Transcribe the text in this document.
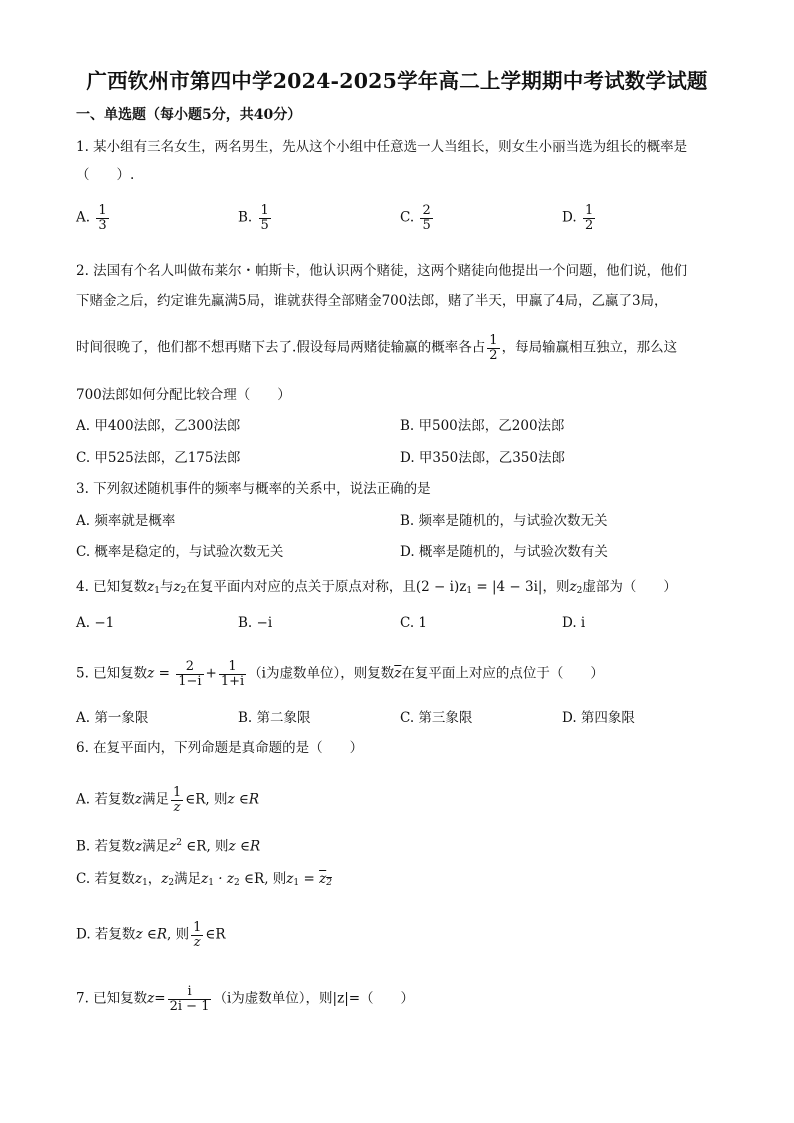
广西钦州市第四中学2024-2025学年高二上学期期中考试数学试题
一、单选题（每小题5分，共40分）
1. 某小组有三名女生，两名男生，先从这个小组中任意选一人当组长，则女生小丽当选为组长的概率是
（　　）.
A. $\frac{1}{3}$	B. $\frac{1}{5}$	C. $\frac{2}{5}$	D. $\frac{1}{2}$
2. 法国有个名人叫做布莱尔・帕斯卡，他认识两个赌徒，这两个赌徒向他提出一个问题，他们说，他们
下赌金之后，约定谁先赢满5局，谁就获得全部赌金700法郎，赌了半天，甲赢了4局，乙赢了3局，
时间很晚了，他们都不想再赌下去了.假设每局两赌徒输赢的概率各占 $\frac{1}{2}$ ，每局输赢相互独立，那么这
700法郎如何分配比较合理（　　）
A. 甲400法郎，乙300法郎	B. 甲500法郎，乙200法郎
C. 甲525法郎，乙175法郎	D. 甲350法郎，乙350法郎
3. 下列叙述随机事件的频率与概率的关系中，说法正确的是
A. 频率就是概率	B. 频率是随机的，与试验次数无关
C. 概率是稳定的，与试验次数无关	D. 概率是随机的，与试验次数有关
4. 已知复数$z_1$与$z_2$在复平面内对应的点关于原点对称，且$(2 - i)z_1 = |4 - 3i|$，则$z_2$虚部为（　　）
A. −1	B. −i	C. 1	D. i
5. 已知复数$z = \frac{2}{1-i} + \frac{1}{1+i} (i$为虚数单位），则复数$\overline{z}$在复平面上对应的点位于（　　）
A. 第一象限	B. 第二象限	C. 第三象限	D. 第四象限
6. 在复平面内，下列命题是真命题的是（　　）
A. 若复数z满足 $\frac{1}{z}$ ∈R, 则z ∈R
B. 若复数z满足$z^2$ ∈R, 则z ∈R
C. 若复数$z_1$，$z_2$满足$z_1 \cdot z_2$ ∈R, 则$z_1 = z_2$
D. 若复数z ∈R, 则 $\frac{1}{z}$ ∈R
7. 已知复数$z= \frac{i}{2i - 1} (i$为虚数单位），则|z|=（　　）
